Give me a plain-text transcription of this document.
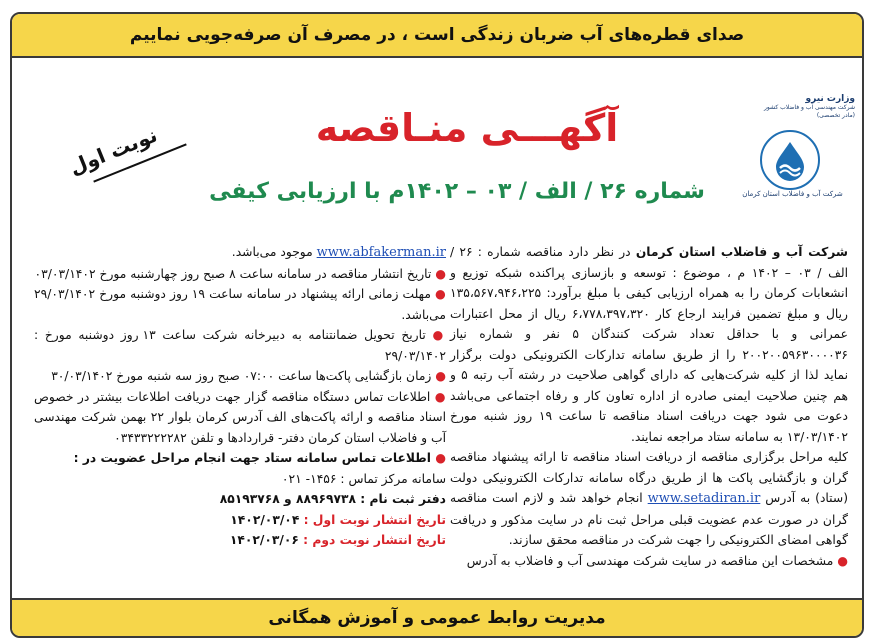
صدای قطره‌های آب ضربان زندگی است ، در مصرف آن صرفه‌جویی نماییم
وزارت نیرو
شرکت مهندسی آب و فاضلاب کشور
(مادر تخصصی)
شرکت آب و فاضلاب استان کرمان
آگهـــی منـاقصه
شماره ۲۶ / الف / ۰۳ – ۱۴۰۲م با ارزیابی کیفی
نوبت اول

شرکت آب و فاضلاب استان کرمان در نظر دارد مناقصه شماره : ۲۶ /الف / ۰۳ – ۱۴۰۲ م ، موضوع : توسعه و بازسازی پراکنده شبکه توزیع و انشعابات کرمان را به همراه ارزیابی کیفی با مبلغ برآورد: ۱۳۵،۵۶۷،۹۴۶،۲۲۵ ریال و مبلغ تضمین فرایند ارجاع کار ۶،۷۷۸،۳۹۷،۳۲۰ ریال از محل اعتبارات عمرانی و با حداقل تعداد شرکت کنندگان ۵ نفر و شماره نیاز ۲۰۰۲۰۰۵۹۶۳۰۰۰۰۳۶ را از طریق سامانه تدارکات الکترونیکی دولت برگزار نماید لذا از کلیه شرکت‌هایی که دارای گواهی صلاحیت در رشته آب رتبه ۵ و هم چنین صلاحیت ایمنی صادره از اداره تعاون کار و رفاه اجتماعی می‌باشد دعوت می شود جهت دریافت اسناد مناقصه تا ساعت ۱۹ روز شنبه مورخ ۱۳/۰۳/۱۴۰۲ به سامانه ستاد مراجعه نمایند.

کلیه مراحل برگزاری مناقصه از دریافت اسناد مناقصه تا ارائه پیشنهاد مناقصه گران و بازگشایی پاکت ها از طریق درگاه سامانه تدارکات الکترونیکی دولت (ستاد) به آدرس www.setadiran.ir انجام خواهد شد و لازم است مناقصه گران در صورت عدم عضویت قبلی مراحل ثبت نام در سایت مذکور و دریافت گواهی امضای الکترونیکی را جهت شرکت در مناقصه محقق سازند.

● مشخصات این مناقصه در سایت شرکت مهندسی آب و فاضلاب به آدرس

www.abfakerman.ir موجود می‌باشد.

● تاریخ انتشار مناقصه در سامانه ساعت ۸ صبح روز چهارشنبه مورخ ۰۳/۰۳/۱۴۰۲

● مهلت زمانی ارائه پیشنهاد در سامانه ساعت ۱۹ روز دوشنبه مورخ ۲۹/۰۳/۱۴۰۲ می‌باشد.

● تاریخ تحویل ضمانتنامه به دبیرخانه شرکت ساعت ۱۳ روز دوشنبه مورخ : ۲۹/۰۳/۱۴۰۲

● زمان بازگشایی پاکت‌ها ساعت ۰۷:۰۰ صبح روز سه شنبه مورخ ۳۰/۰۳/۱۴۰۲

● اطلاعات تماس دستگاه مناقصه گزار جهت دریافت اطلاعات بیشتر در خصوص اسناد مناقصه و ارائه پاکت‌های الف آدرس کرمان بلوار ۲۲ بهمن شرکت مهندسی آب و فاضلاب استان کرمان دفتر- قراردادها و تلفن ۰۳۴۳۳۲۲۲۲۸۲

● اطلاعات تماس سامانه ستاد جهت انجام مراحل عضویت در :

سامانه مرکز تماس : ۱۴۵۶- ۰۲۱

دفتر ثبت نام : ۸۸۹۶۹۷۳۸ و ۸۵۱۹۳۷۶۸

تاریخ انتشار نوبت اول : ۱۴۰۲/۰۳/۰۴

تاریخ انتشار نوبت دوم : ۱۴۰۲/۰۳/۰۶

مدیریت روابط عمومی و آموزش همگانی
